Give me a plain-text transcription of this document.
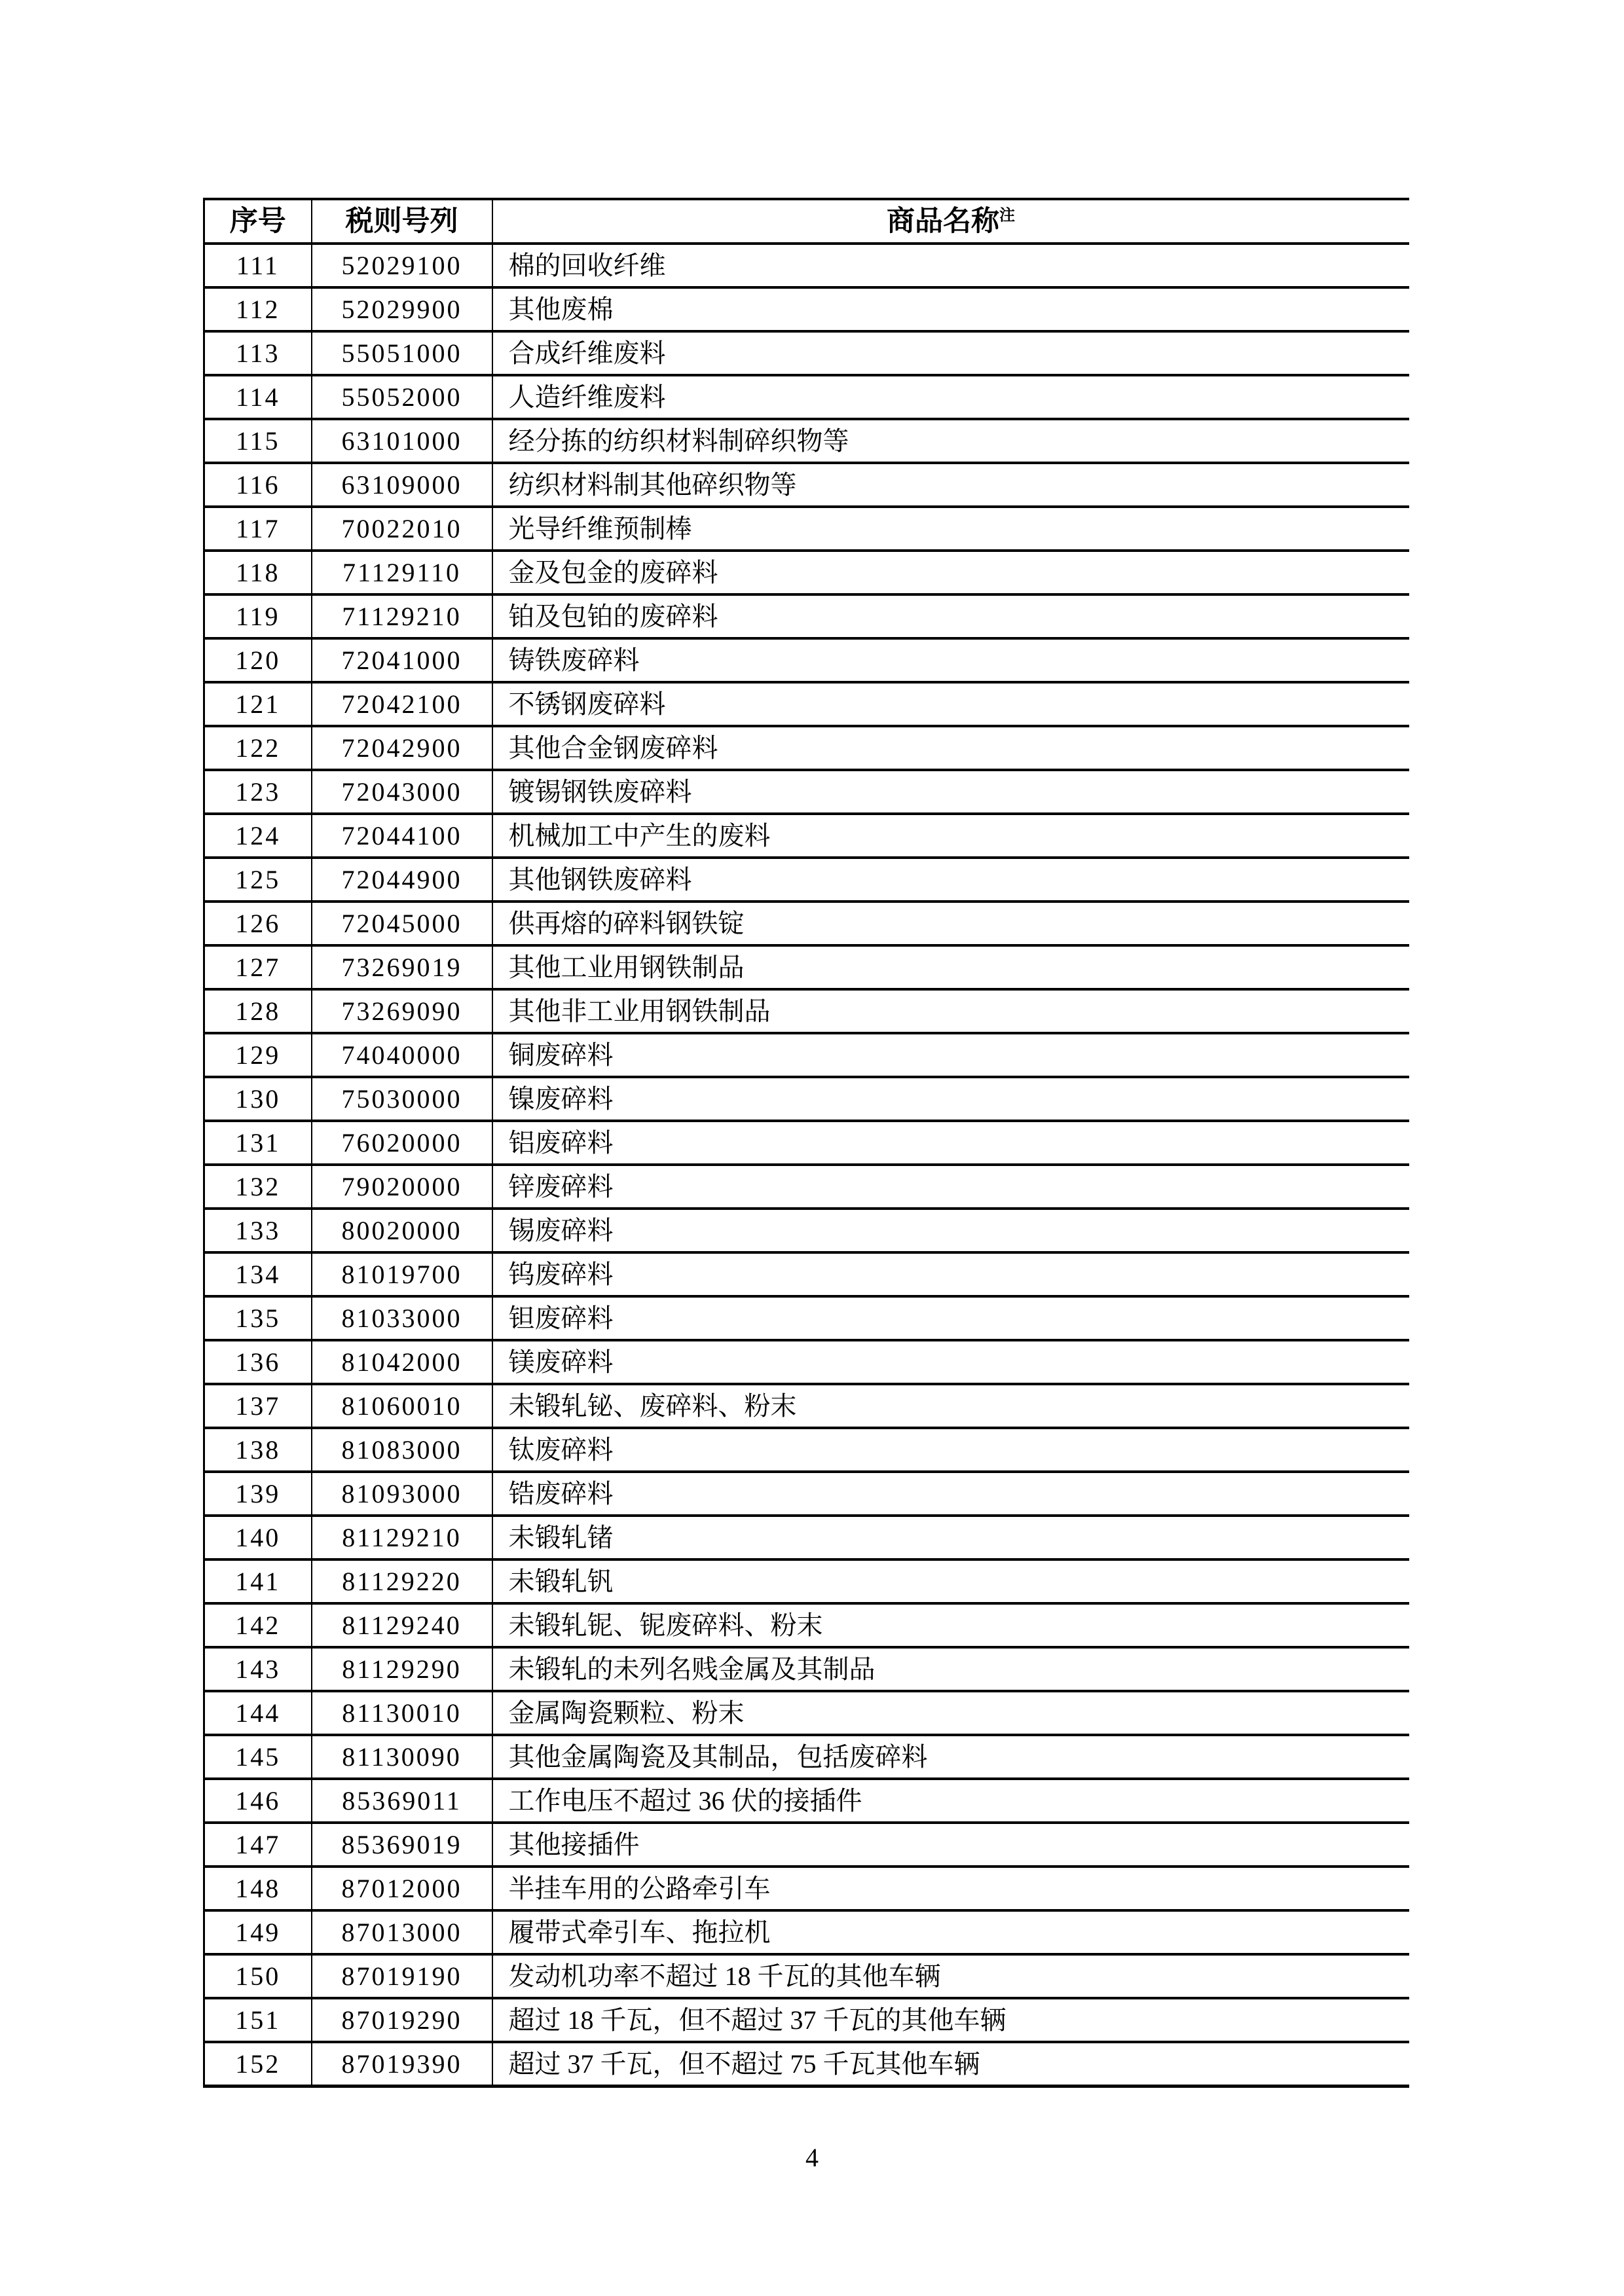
序号	税则号列	商品名称$^注$
111	52029100	棉的回收纤维
112	52029900	其他废棉
113	55051000	合成纤维废料
114	55052000	人造纤维废料
115	63101000	经分拣的纺织材料制碎织物等
116	63109000	纺织材料制其他碎织物等
117	70022010	光导纤维预制棒
118	71129110	金及包金的废碎料
119	71129210	铂及包铂的废碎料
120	72041000	铸铁废碎料
121	72042100	不锈钢废碎料
122	72042900	其他合金钢废碎料
123	72043000	镀锡钢铁废碎料
124	72044100	机械加工中产生的废料
125	72044900	其他钢铁废碎料
126	72045000	供再熔的碎料钢铁锭
127	73269019	其他工业用钢铁制品
128	73269090	其他非工业用钢铁制品
129	74040000	铜废碎料
130	75030000	镍废碎料
131	76020000	铝废碎料
132	79020000	锌废碎料
133	80020000	锡废碎料
134	81019700	钨废碎料
135	81033000	钽废碎料
136	81042000	镁废碎料
137	81060010	未锻轧铋、废碎料、粉末
138	81083000	钛废碎料
139	81093000	锆废碎料
140	81129210	未锻轧锗
141	81129220	未锻轧钒
142	81129240	未锻轧铌、铌废碎料、粉末
143	81129290	未锻轧的未列名贱金属及其制品
144	81130010	金属陶瓷颗粒、粉末
145	81130090	其他金属陶瓷及其制品，包括废碎料
146	85369011	工作电压不超过 36 伏的接插件
147	85369019	其他接插件
148	87012000	半挂车用的公路牵引车
149	87013000	履带式牵引车、拖拉机
150	87019190	发动机功率不超过 18 千瓦的其他车辆
151	87019290	超过 18 千瓦，但不超过 37 千瓦的其他车辆
152	87019390	超过 37 千瓦，但不超过 75 千瓦其他车辆
4
